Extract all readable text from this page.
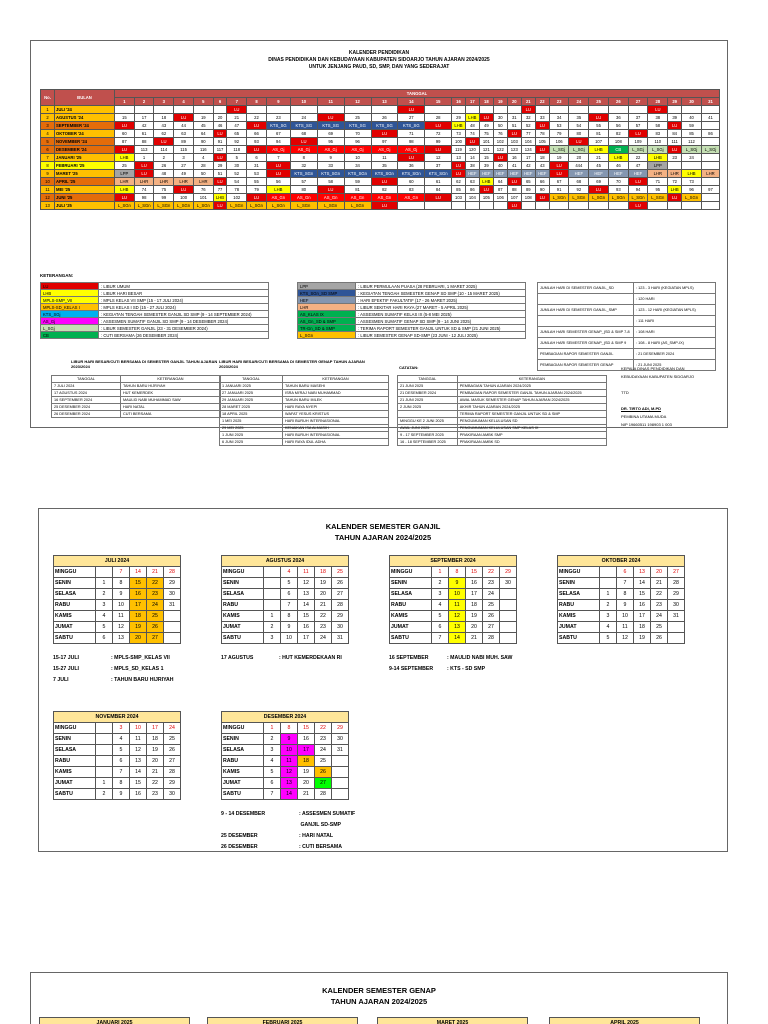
KALENDER PENDIDIKAN
DINAS PENDIDIKAN DAN KEBUDAYAAN KABUPATEN SIDOARJO TAHUN AJARAN 2024/2025
UNTUK JENJANG PAUD, SD, SMP, DAN YANG SEDERAJAT
No.	BULAN	TANGGAL																														
		1	2	3	4	5	6	7	8	9	10	11	12	13	14	15	16	17	18	19	20	21	22	23	24	25	26	27	28	29	30	31
1	JULI '24							LU							LU							LU							LU			
2	AGUSTUS '24	15	17	18	LU	19	20	21	22	23	24	LU	25	26	27	28	29	LHB	LU	30	31	32	33	34	35	LU	36	37	38	39	40	41
3	SEPTEMBER '24	LU	42	43	44	45	46	47	LU	KTS_SG	KTS_SG	KTS_SG	KTS_SG	KTS_SG	KTS_SG	LU	LHB	48	49	50	51	52	LU	53	54	55	56	57	58	LU	59	
4	OKTOBER '24	60	61	62	63	64	LU	65	66	67	68	69	70	LU	71	72	73	74	75	76	LU	77	78	79	80	81	82	LU	83	84	85	86
5	NOVEMBER '24	87	88	LU	89	90	91	92	93	94	LU	95	96	97	98	99	100	LU	101	102	103	104	105	106	LU	107	108	109	110	111	112	
6	DESEMBER '24	LU	113	114	115	116	117	118	LU	AS_Gj	AS_Gj	AS_Gj	AS_Gj	AS_Gj	AS_Gj	LU	119	120	121	122	123	124	LU	L_SGj	L_SGj	LHB	CB	L_SGj	L_SGj	LU	L_SGj	L_SGj
7	JANUARI '25	LHB	1	2	3	4	LU	5	6	7	8	9	10	11	LU	12	13	14	15	LU	16	17	18	19	20	21	LHB	22	LHB	23	24	
8	FEBRUARI '25	25	LU	26	27	28	29	30	31	LU	32	33	34	35	36	37	LU	38	39	40	41	42	43	LU	444	45	46	47	LPP			
9	MARET '25	LPP	LU	48	49	50	51	52	53	LU	KTS_SGn	KTS_SGn	KTS_SGn	KTS_SGn	KTS_SGn	KTS_SGn	LU	HEF	HEF	HEF	HEF	HEF	HEF	LU	HEF	HEF	HEF	HEF	LHR	LHR	LHB	LHR
10	APRIL '25	LHR	LHR	LHR	LHR	LHR	LU	54	55	56	57	58	59	LU	60	61	62	63	LHB	64	LU	65	66	67	68	69	70	LU	71	72	73	
11	MEI '25	LHB	74	75	LU	76	77	78	79	LHB	80	LU	81	82	83	84	85	86	LU	87	88	89	90	91	92	LU	93	94	95	LHB	96	97
12	JUNI '25	LU	98	99	100	101	LHB	102	LU	AS_Gn	AS_Gn	AS_Gn	AS_Gn	AS_Gn	AS_Gn	LU	103	104	105	106	107	108	LU	L_SGn	L_SGn	L_SGn	L_SGn	L_SGn	L_SGn	LU	L_SGn	
13	JULI '25	L_SGn	L_SGn	L_SGn	L_SGn	L_SGn	LU	L_SGn	L_SGn	L_SGn	L_SGn	L_SGn	L_SGn	LU							LU							LU				
KETERANGAN:
LU	: LIBUR UMUM
LHB	: LIBUR HARI BESAR
MPLS-SMP_VII	: MPLS KELAS VII SMP (15 - 17 JULI 2024)
MPLS-SD_KELAS I	: MPLS KELAS I SD (15 - 27 JULI 2024)
KTS_SGj	: KEGIATAN TENGAH SEMESTER GANJIL SD SMP (9 - 14 SEPTEMBER 2024)
AS_Gj	: ASSESMEN SUMATIF GANJIL SD SMP (9 - 14 DESEMBER 2024)
L_SGj	: LIBUR SEMESTER GANJIL (23 - 31 DESEMBER 2024)
CB	: CUTI BERSAMA (26 DESEMBER 2024)
LPP	: LIBUR PERMULAAN PUASA (28 FEBRUARI, 1 MARET 2025)
KTS_SGn_SD SMP	: KEGIATAN TENGAH SEMESTER GENAP SD SMP (10 - 15 MARET 2025)
HEF	: HARI EFEKTIF FAKULTATIF (17 - 26 MARET 2025)
LHR	: LIBUR SEKITAR HARI RAYA (27 MARET - 5 APRIL 2025)
AS_KLAS IX	: ASSESMEN SUMATIF KELAS IX (5-8 MEI 2025)
AS_Gn_SD & SMP	: ASSESMEN SUMATIF GENAP SD SMP (9 - 14 JUNI 2025)
TR-Gn_SD & SMP	: TERIMA RAPORT SEMESTER GANJIL UNTUK SD & SMP (21 JUNI 2025)
L_SGn	: LIBUR SEMESTER GENAP SD-SMP (23 JUNI - 12 JULI 2025)
JUMLAH HARI DI SEMESTER GANJIL_SD	: 123 - 3 HARI (KEGIATAN MPLS)
	: 120 HARI
JUMLAH HARI DI SEMESTER GANJIL_SMP	: 123 - 12 HARI (KEGIATAN MPLS)
	: 111 HARI
JUMLAH HARI SEMESTER GENAP_(SD & SMP 7-8	: 108 HARI
JUMLAH HARI SEMESTER GENAP_(SD & SMP 9	: 108 - 8 HARI (AS_SMP-IX)
PEMBAGIAN RAPOR SEMESTER GANJIL	: 21 DESEMBER 2024
PEMBAGIAN RAPOR SEMESTER GENAP	: 21 JUNI 2025
LIBUR HARI BESAR/CUTI BERSAMA DI SEMESTER GANJIL TAHUN AJARAN 2023/2024
TANGGAL	KETERANGAN
7 JULI 2024	TAHUN BARU HIJRIYAH
17 AGUSTUS 2024	HUT KEMERDEK
16 SEPTEMBER 2024	MAULID NABI MUHAMMAD SAW
25 DESEMBER 2024	HARI NATAL
26 DESEMBER 2024	CUTI BERSAMA
LIBUR HARI BESAR/CUTI BERSAMA DI SEMESTER GENAP TAHUN AJARAN 2023/2024
TANGGAL	KETERANGAN
1 JANUARI 2025	TAHUN BARU MASEHI
27 JANUARI 2025	ISRA MI'RAJ NABI MUHAMMAD
29 JANUARI 2025	TAHUN BARU IMLEK
28 MARET 2025	HARI RAYA NYEPI
18 APRIL 2025	WAFAT YESUS KRISTUS
1 MEI 2025	HARI BURUH INTERNASIONAL
29 MEI 2025	KENAIKAN ISA ALMASIH
1 JUNI 2025	HARI BURUH INTERNASIONAL
6 JUNI 2025	HARI RAYA IDUL ADHA
CATATAN:
TANGGAL	KETERANGAN
21 JUNI 2025	PEMBAGIAN TAHUN AJARAN 2024/2025
21 DESEMBER 2024	PEMBAGIAN RAPOR SEMESTER GANJIL TAHUN AJARAN 2024/2025
21 JUNI 2025	AWAL MASUK SEMESTER GENAP TAHUN AJARAN 2024/2025
2 JUNI 2025	AKHIR TAHUN AJARAN 2024/2025
	TERIMA RAPORT SEMESTER GANJIL UNTUK SD & SMP
MINGGU KE 2 JUNI 2025	PENGUMUMAN KELULUSAN SD
AWAL JUNI 2025	PENGUMUMAN KELULUSAN SMP KELAS IX
9 - 17 SEPTEMBER 2025	PRAKIRAAN AMBK SMP
16 - 18 SEPTEMBER 2025	PRAKIRAAN AMBK SD
KEPALA DINAS PENDIDIKAN DAN
KEBUDAYAAN KABUPATEN SIDOARJO

TTD

DR. TIRTO ADI, M.PD
PEMBINA UTAMA MUDA
NIP 19660511 198903 1 003
KALENDER SEMESTER GANJIL
TAHUN AJARAN 2024/2025
JULI 2024					
MINGGU		7	14	21	28
SENIN	1	8	15	22	29
SELASA	2	9	16	23	30
RABU	3	10	17	24	31
KAMIS	4	11	18	25	
JUMAT	5	12	19	26	
SABTU	6	13	20	27	
AGUSTUS 2024					
MINGGU		4	11	18	25
SENIN		5	12	19	26
SELASA		6	13	20	27
RABU		7	14	21	28
KAMIS	1	8	15	22	29
JUMAT	2	9	16	23	30
SABTU	3	10	17	24	31
SEPTEMBER 2024					
MINGGU	1	8	15	22	29
SENIN	2	9	16	23	30
SELASA	3	10	17	24	
RABU	4	11	18	25	
KAMIS	5	12	19	26	
JUMAT	6	13	20	27	
SABTU	7	14	21	28	
OKTOBER 2024					
MINGGU		6	13	20	27
SENIN		7	14	21	28
SELASA	1	8	15	22	29
RABU	2	9	16	23	30
KAMIS	3	10	17	24	31
JUMAT	4	11	18	25	
SABTU	5	12	19	26	
NOVEMBER 2024					
MINGGU		3	10	17	24
SENIN		4	11	18	25
SELASA		5	12	19	26
RABU		6	13	20	27
KAMIS		7	14	21	28
JUMAT	1	8	15	22	29
SABTU	2	9	16	23	30
DESEMBER 2024					
MINGGU	1	8	15	22	29
SENIN	2	9	16	23	30
SELASA	3	10	17	24	31
RABU	4	11	18	25	
KAMIS	5	12	19	26	
JUMAT	6	13	20	27	
SABTU	7	14	21	28	
15-17 JULI	: MPLS-SMP_KELAS VII
15-27 JULI	: MPLS_SD_KELAS 1
7 JULI	: TAHUN BARU HIJRIYAH
17 AGUSTUS	: HUT KEMERDEKAAN RI	16 SEPTEMBER	: MAULID NABI MUH. SAW
9-14 SEPTEMBER	: KTS - SD SMP
9 - 14 DESEMBER	: ASSESMEN SUMATIF
GANJIL SD-SMP
25 DESEMBER	: HARI NATAL
26 DESEMBER	: CUTI BERSAMA
KALENDER SEMESTER GENAP
TAHUN AJARAN 2024/2025
JANUARI 2025	FEBRUARI 2025	MARET 2025	APRIL 2025
